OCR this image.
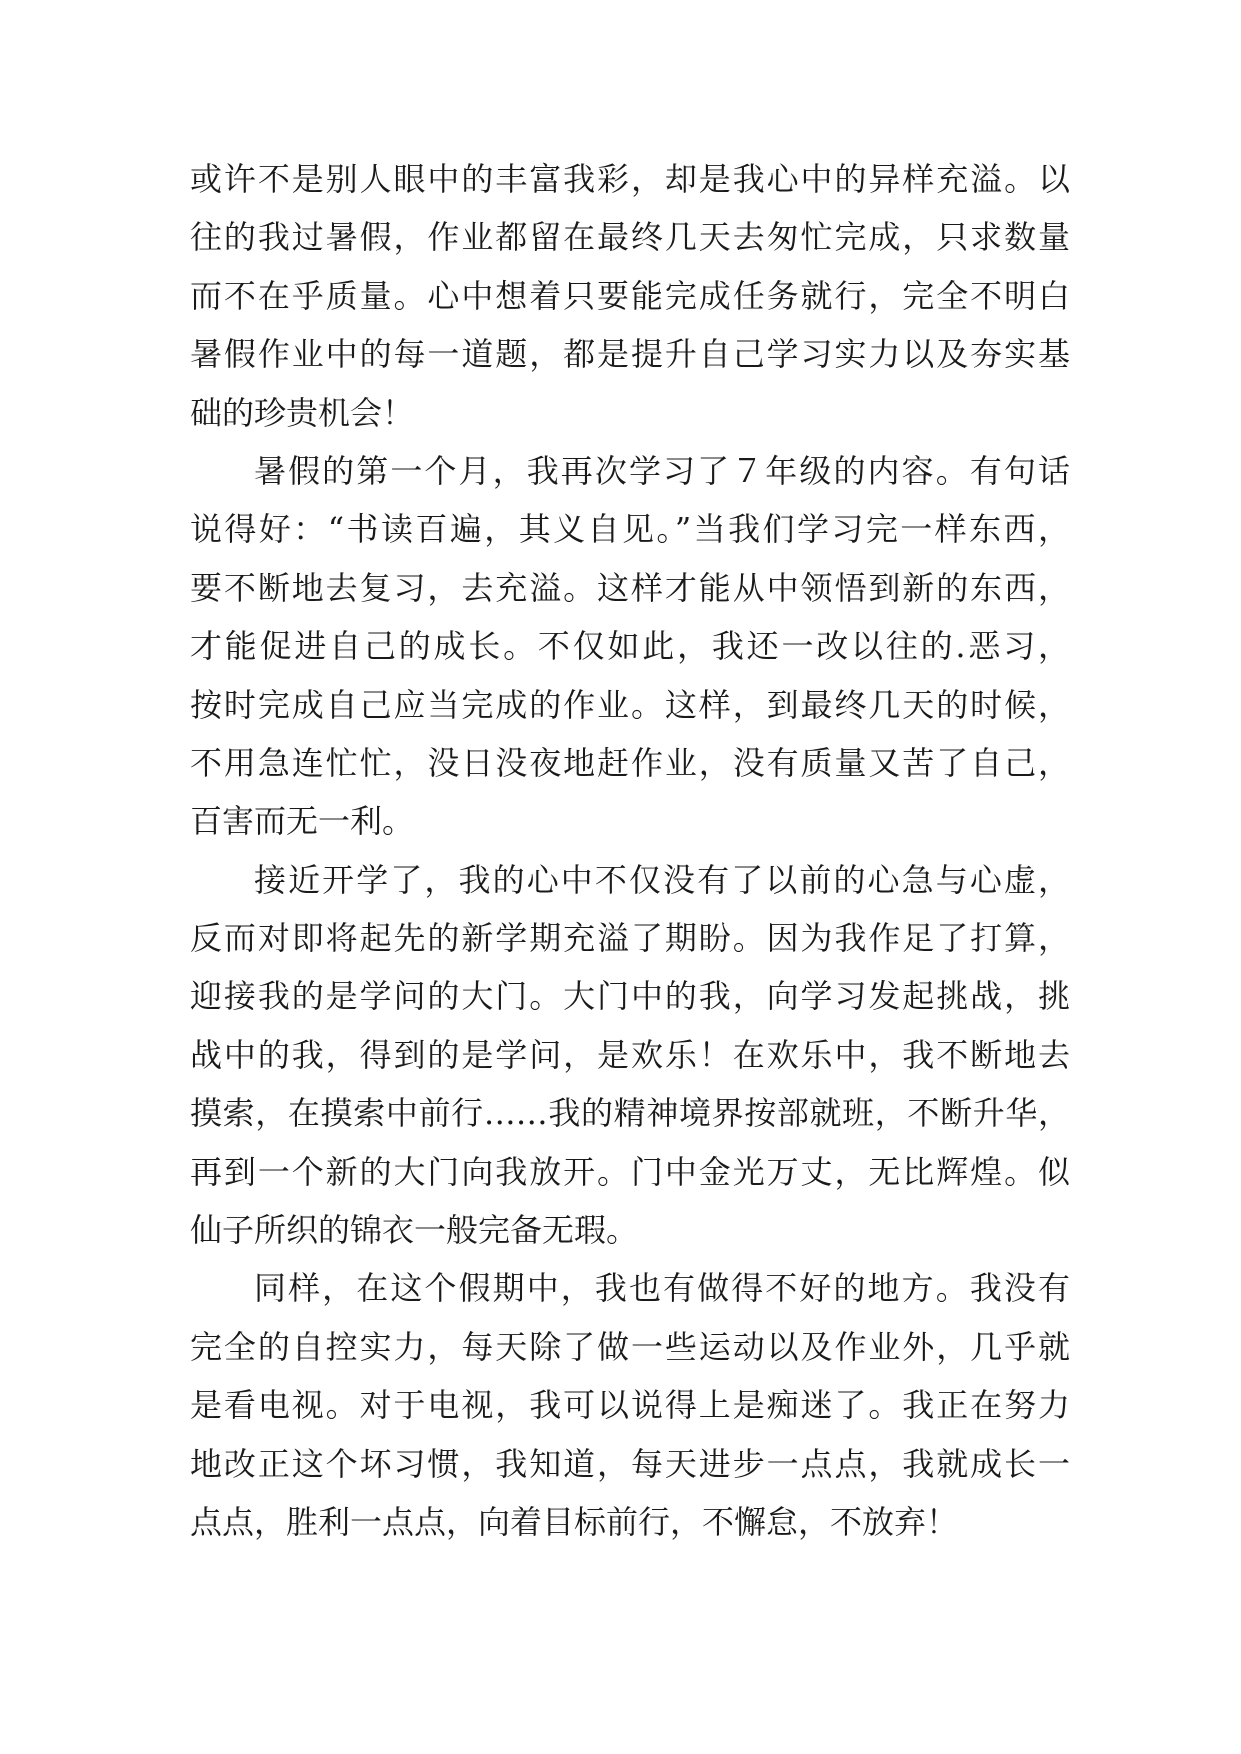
或许不是别人眼中的丰富我彩，却是我心中的异样充溢。以
往的我过暑假，作业都留在最终几天去匆忙完成，只求数量
而不在乎质量。心中想着只要能完成任务就行，完全不明白
暑假作业中的每一道题，都是提升自己学习实力以及夯实基
础的珍贵机会！
暑假的第一个月，我再次学习了７年级的内容。有句话
说得好：“书读百遍，其义自见。”当我们学习完一样东西，
要不断地去复习，去充溢。这样才能从中领悟到新的东西，
才能促进自己的成长。不仅如此，我还一改以往的.恶习，
按时完成自己应当完成的作业。这样，到最终几天的时候，
不用急连忙忙，没日没夜地赶作业，没有质量又苦了自己，
百害而无一利。
接近开学了，我的心中不仅没有了以前的心急与心虚，
反而对即将起先的新学期充溢了期盼。因为我作足了打算，
迎接我的是学问的大门。大门中的我，向学习发起挑战，挑
战中的我，得到的是学问，是欢乐！在欢乐中，我不断地去
摸索，在摸索中前行……我的精神境界按部就班，不断升华，
再到一个新的大门向我放开。门中金光万丈，无比辉煌。似
仙子所织的锦衣一般完备无瑕。
同样，在这个假期中，我也有做得不好的地方。我没有
完全的自控实力，每天除了做一些运动以及作业外，几乎就
是看电视。对于电视，我可以说得上是痴迷了。我正在努力
地改正这个坏习惯，我知道，每天进步一点点，我就成长一
点点，胜利一点点，向着目标前行，不懈怠，不放弃！
